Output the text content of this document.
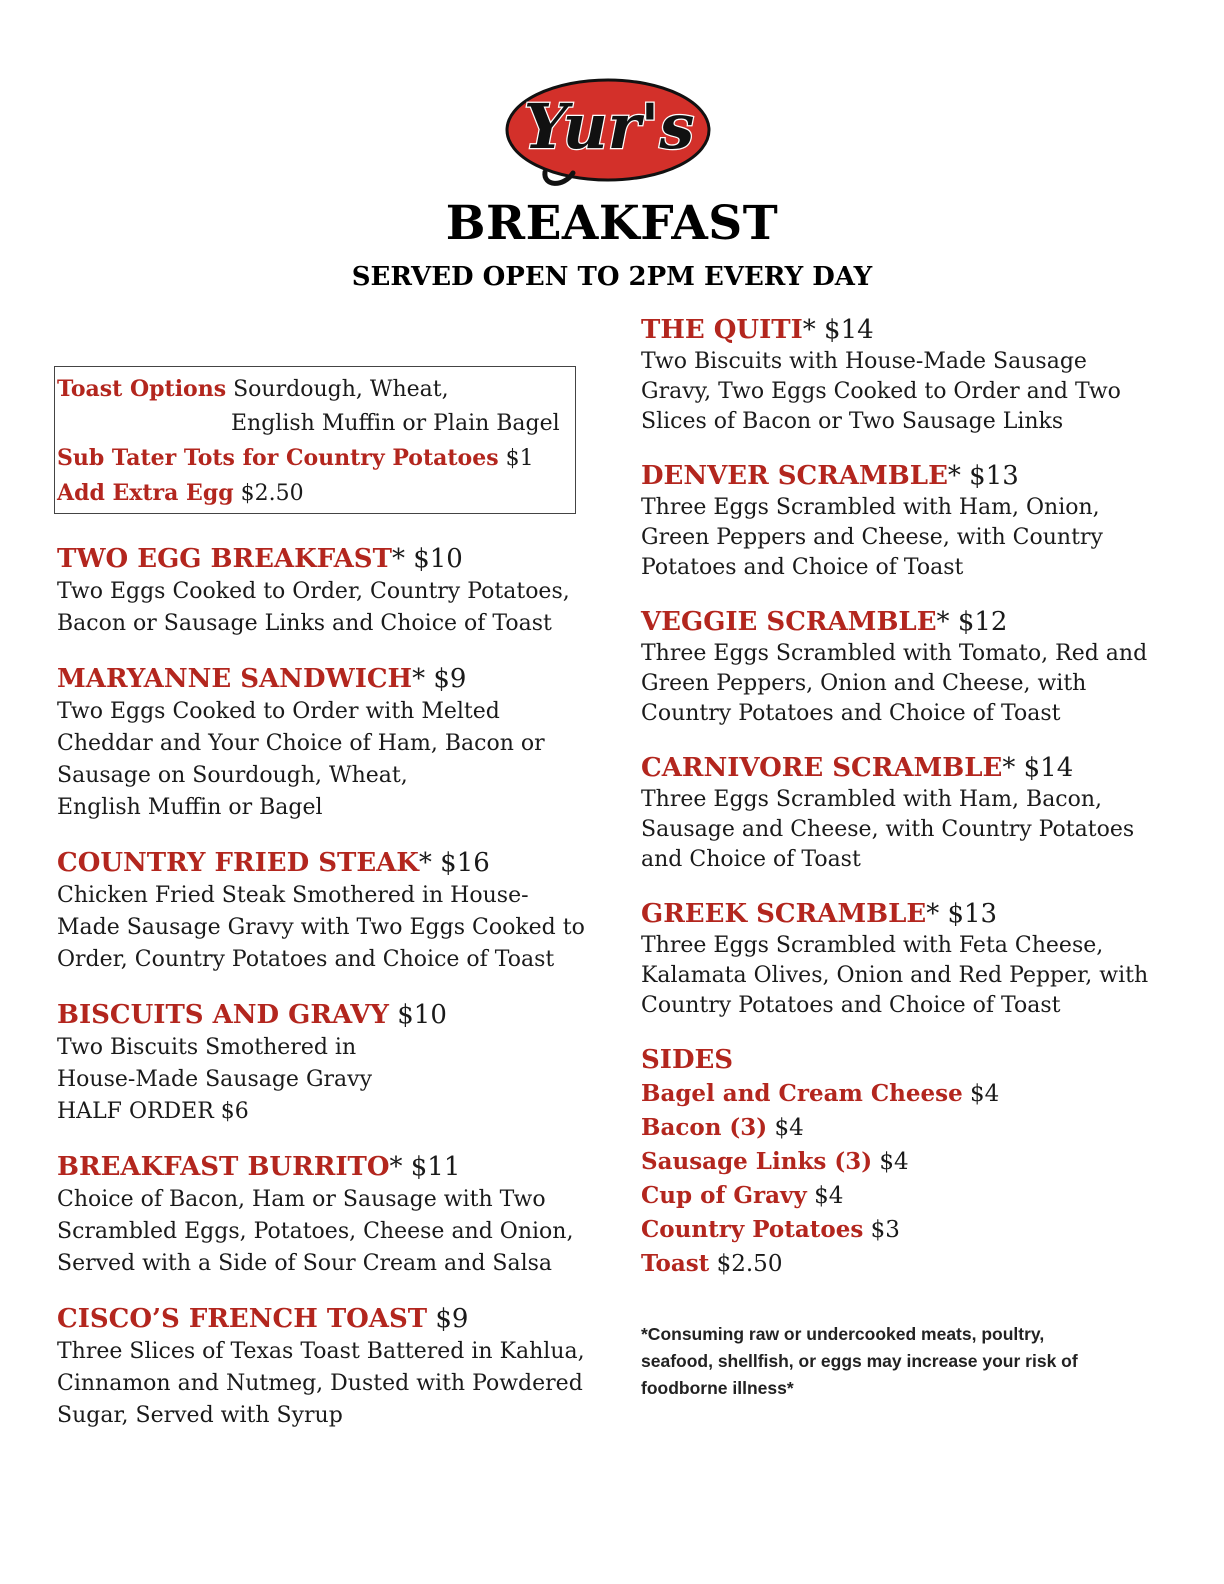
Yur's
BREAKFAST
SERVED OPEN TO 2PM EVERY DAY
Toast Options Sourdough, Wheat,
English Muffin or Plain Bagel
Sub Tater Tots for Country Potatoes $1
Add Extra Egg $2.50
TWO EGG BREAKFAST* $10
Two Eggs Cooked to Order, Country Potatoes,
Bacon or Sausage Links and Choice of Toast
MARYANNE SANDWICH* $9
Two Eggs Cooked to Order with Melted
Cheddar and Your Choice of Ham, Bacon or
Sausage on Sourdough, Wheat,
English Muffin or Bagel
COUNTRY FRIED STEAK* $16
Chicken Fried Steak Smothered in House-
Made Sausage Gravy with Two Eggs Cooked to
Order, Country Potatoes and Choice of Toast
BISCUITS AND GRAVY $10
Two Biscuits Smothered in
House-Made Sausage Gravy
HALF ORDER $6
BREAKFAST BURRITO* $11
Choice of Bacon, Ham or Sausage with Two
Scrambled Eggs, Potatoes, Cheese and Onion,
Served with a Side of Sour Cream and Salsa
CISCO’S FRENCH TOAST $9
Three Slices of Texas Toast Battered in Kahlua,
Cinnamon and Nutmeg, Dusted with Powdered
Sugar, Served with Syrup
THE QUITI* $14
Two Biscuits with House-Made Sausage
Gravy, Two Eggs Cooked to Order and Two
Slices of Bacon or Two Sausage Links
DENVER SCRAMBLE* $13
Three Eggs Scrambled with Ham, Onion,
Green Peppers and Cheese, with Country
Potatoes and Choice of Toast
VEGGIE SCRAMBLE* $12
Three Eggs Scrambled with Tomato, Red and
Green Peppers, Onion and Cheese, with
Country Potatoes and Choice of Toast
CARNIVORE SCRAMBLE* $14
Three Eggs Scrambled with Ham, Bacon,
Sausage and Cheese, with Country Potatoes
and Choice of Toast
GREEK SCRAMBLE* $13
Three Eggs Scrambled with Feta Cheese,
Kalamata Olives, Onion and Red Pepper, with
Country Potatoes and Choice of Toast
SIDES
Bagel and Cream Cheese $4
Bacon (3) $4
Sausage Links (3) $4
Cup of Gravy $4
Country Potatoes $3
Toast $2.50
*Consuming raw or undercooked meats, poultry,
seafood, shellfish, or eggs may increase your risk of
foodborne illness*
